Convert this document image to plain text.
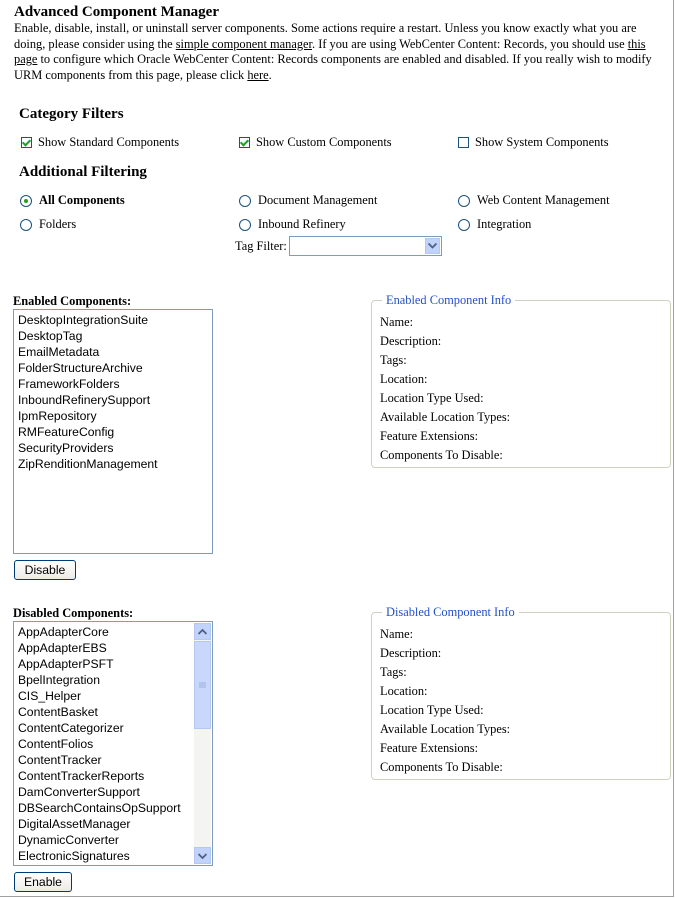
Advanced Component Manager
Enable, disable, install, or uninstall server components. Some actions require a restart. Unless you know exactly what you are doing, please consider using the simple component manager. If you are using WebCenter Content: Records, you should use this page to configure which Oracle WebCenter Content: Records components are enabled and disabled. If you really wish to modify URM components from this page, please click here.
Category Filters
Show Standard Components	Show Custom Components	Show System Components
Additional Filtering
All Components	Document Management	Web Content Management
Folders	Inbound Refinery	Integration
Tag Filter:
Enabled Components:
DesktopIntegrationSuite
DesktopTag
EmailMetadata
FolderStructureArchive
FrameworkFolders
InboundRefinerySupport
IpmRepository
RMFeatureConfig
SecurityProviders
ZipRenditionManagement
Disable
Enabled Component Info
Name:
Description:
Tags:
Location:
Location Type Used:
Available Location Types:
Feature Extensions:
Components To Disable:
Disabled Components:
AppAdapterCore
AppAdapterEBS
AppAdapterPSFT
BpelIntegration
CIS_Helper
ContentBasket
ContentCategorizer
ContentFolios
ContentTracker
ContentTrackerReports
DamConverterSupport
DBSearchContainsOpSupport
DigitalAssetManager
DynamicConverter
ElectronicSignatures
Enable
Disabled Component Info
Name:
Description:
Tags:
Location:
Location Type Used:
Available Location Types:
Feature Extensions:
Components To Disable:
